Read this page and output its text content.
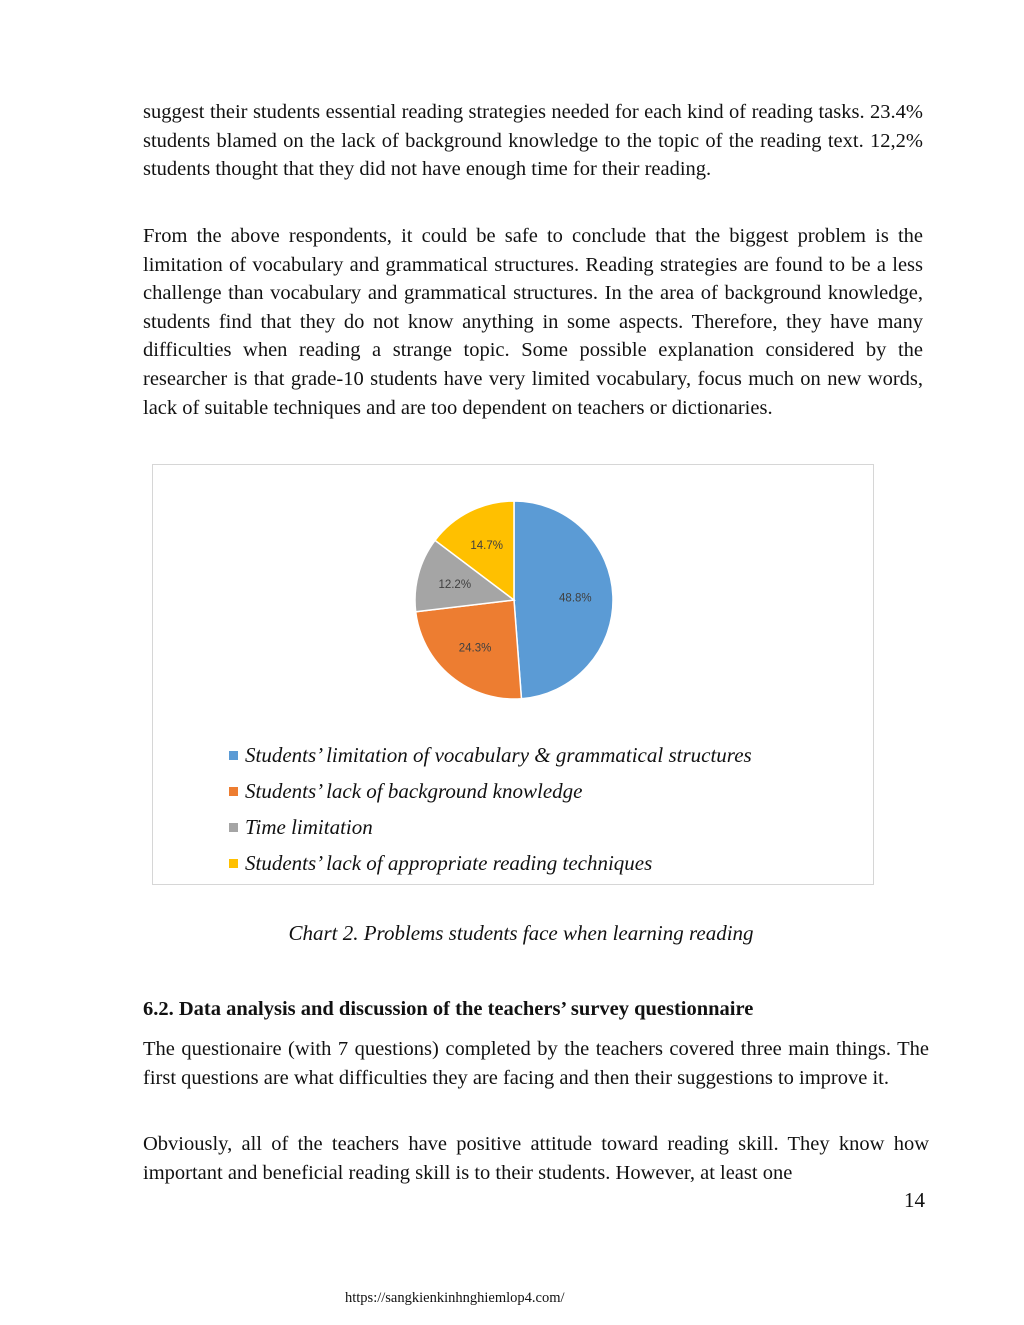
suggest their students essential reading strategies needed for each kind of reading tasks. 23.4% students blamed on the lack of background knowledge to the topic of the reading text. 12,2% students thought that they did not have enough time for their reading.

From the above respondents, it could be safe to conclude that the biggest problem is the limitation of vocabulary and grammatical structures. Reading strategies are found to be a less challenge than vocabulary and grammatical structures. In the area of background knowledge, students find that they do not know anything in some aspects. Therefore, they have many difficulties when reading a strange topic. Some possible explanation considered by the researcher is that grade-10 students have very limited vocabulary, focus much on new words, lack of suitable techniques and are too dependent on teachers or dictionaries.

48.8%
24.3%
12.2%
14.7%
Students’ limitation of vocabulary & grammatical structures
Students’ lack of background knowledge
Time limitation
Students’ lack of appropriate reading techniques
Chart 2. Problems students face when learning reading

6.2. Data analysis and discussion of the teachers’ survey questionnaire

The questionaire (with 7 questions) completed by the teachers covered three main things. The first questions are what difficulties they are facing and then their suggestions to improve it.

Obviously, all of the teachers have positive attitude toward reading skill. They know how important and beneficial reading skill is to their students. However, at least one

14
https://sangkienkinhnghiemlop4.com/
